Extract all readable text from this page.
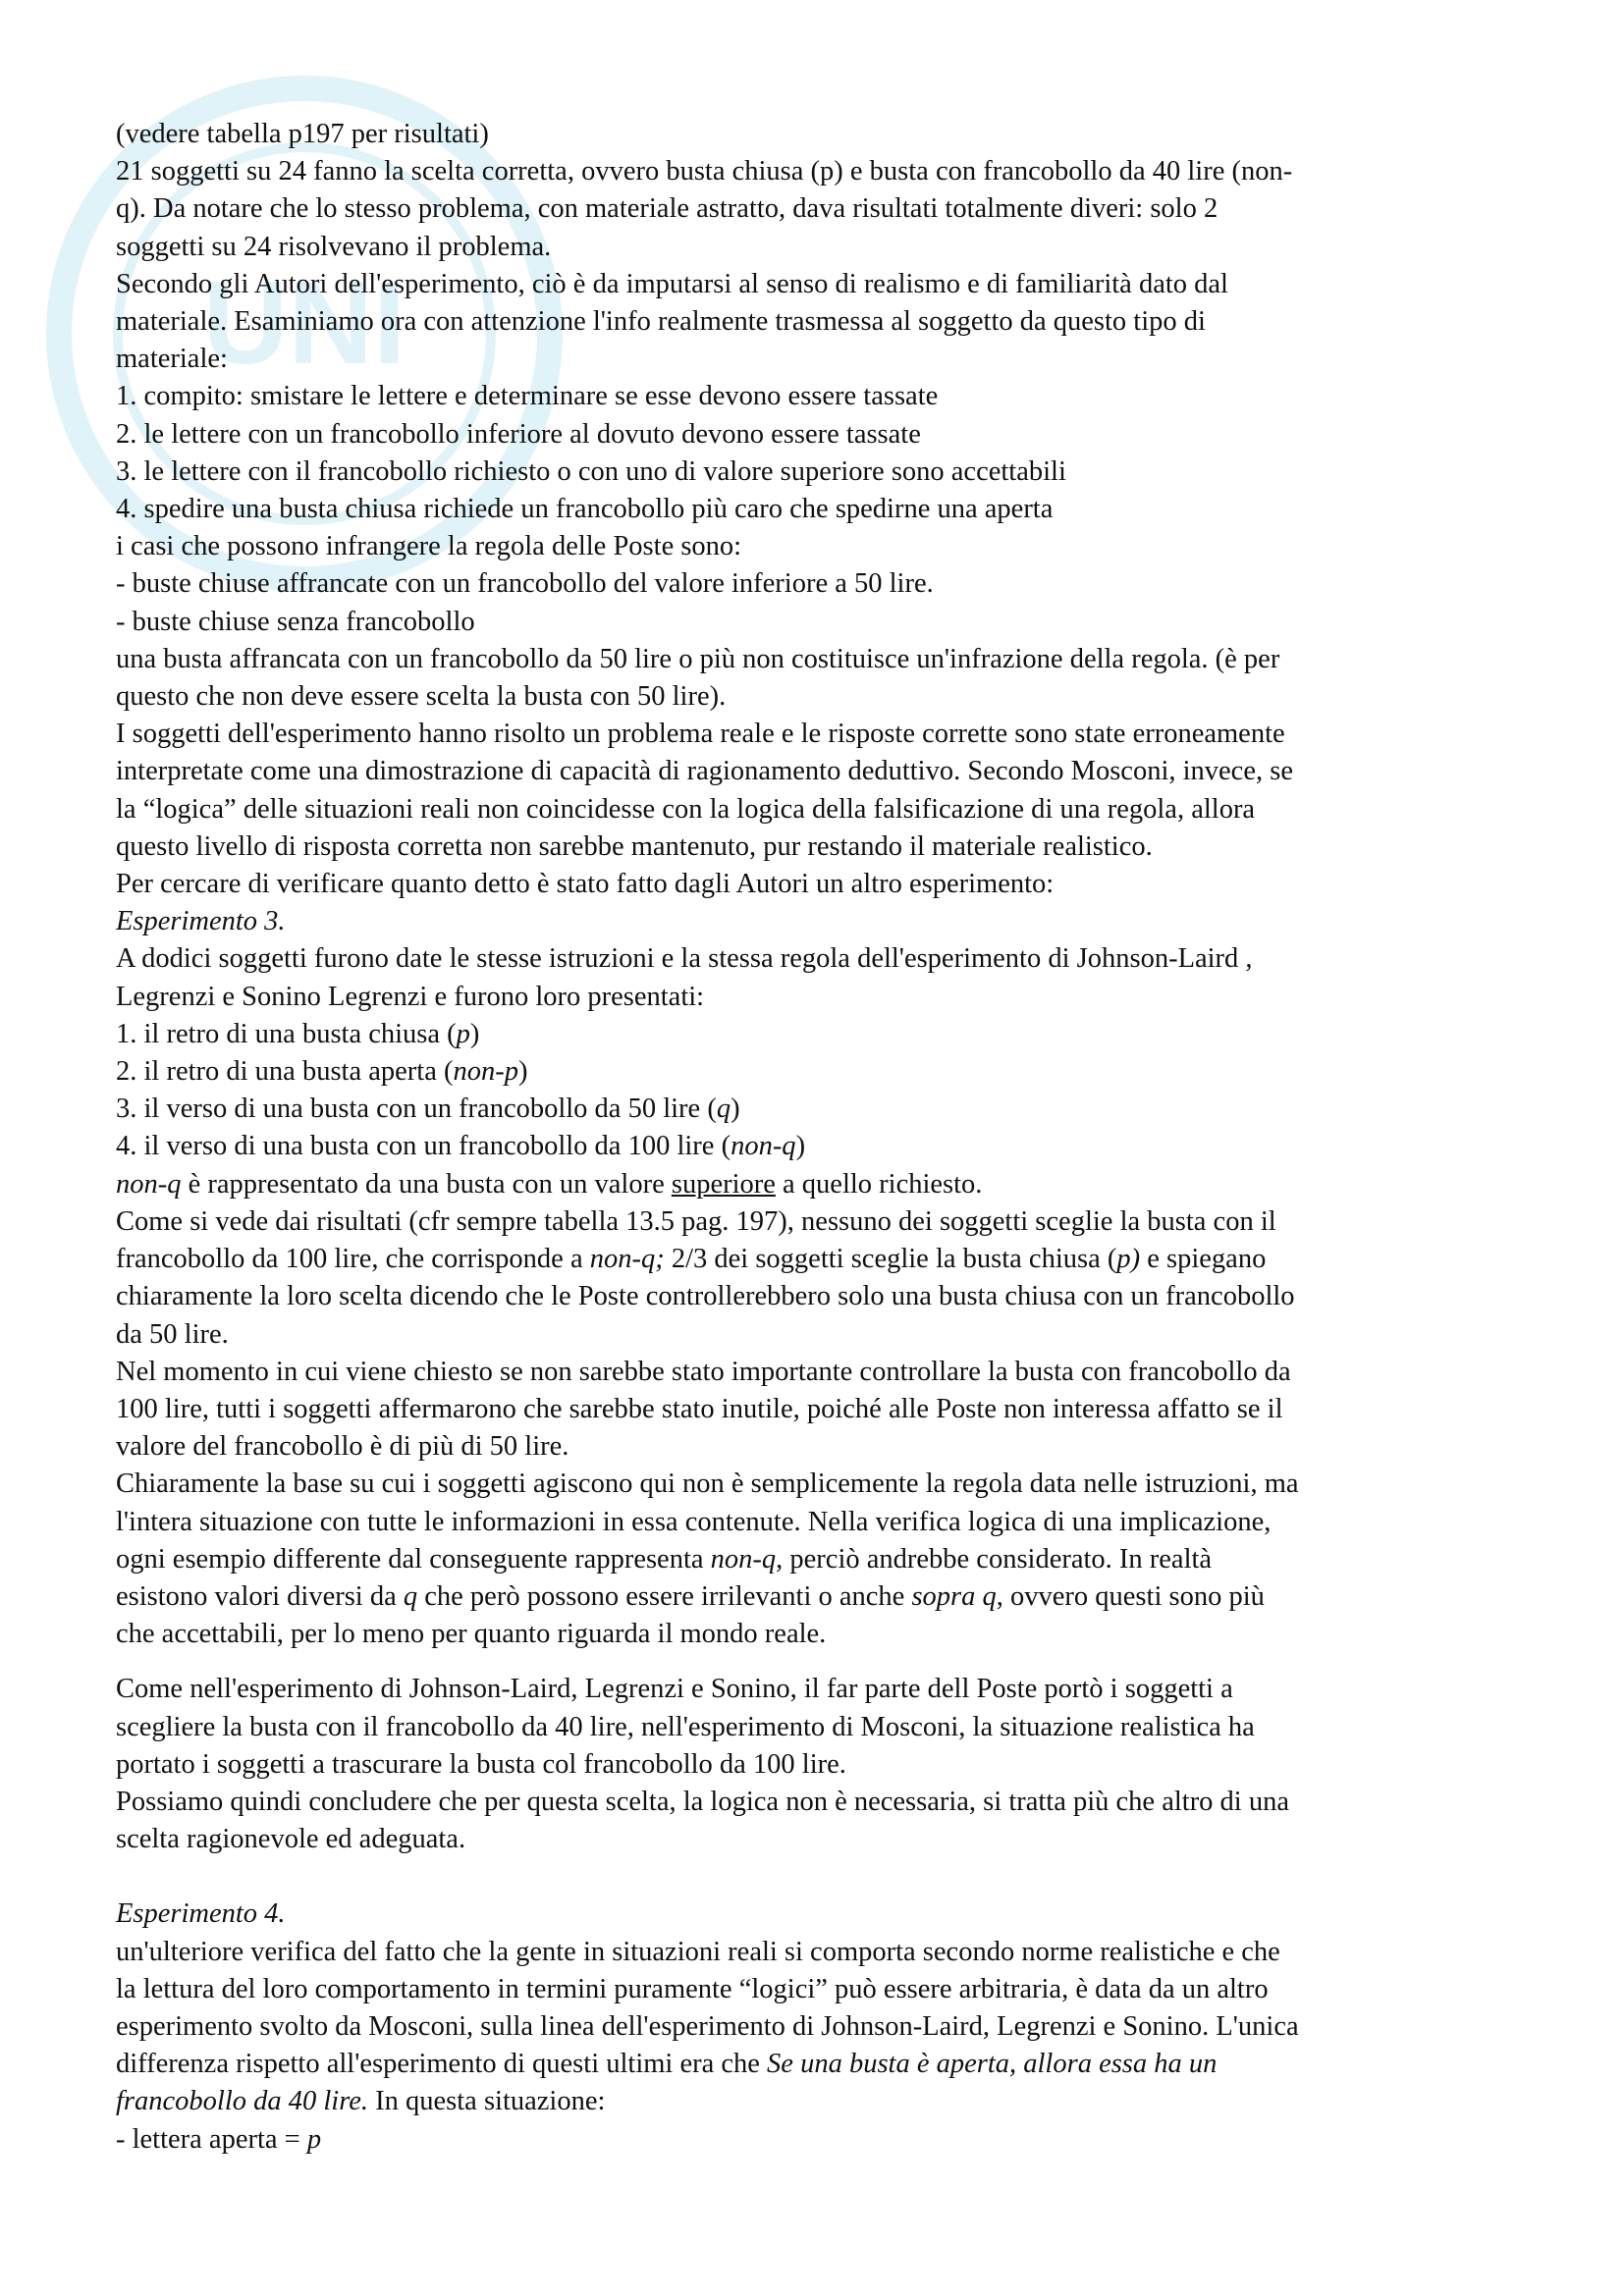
UNI
(vedere tabella p197 per risultati)
21 soggetti su 24 fanno la scelta corretta, ovvero busta chiusa (p) e busta con francobollo da 40 lire (non-
q). Da notare che lo stesso problema, con materiale astratto, dava risultati totalmente diveri: solo 2
soggetti su 24 risolvevano il problema.
Secondo gli Autori dell'esperimento, ciò è da imputarsi al senso di realismo e di familiarità dato dal
materiale. Esaminiamo ora con attenzione l'info realmente trasmessa al soggetto da questo tipo di
materiale:
1. compito: smistare le lettere e determinare se esse devono essere tassate
2. le lettere con un francobollo inferiore al dovuto devono essere tassate
3. le lettere con il francobollo richiesto o con uno di valore superiore sono accettabili
4. spedire una busta chiusa richiede un francobollo più caro che spedirne una aperta
i casi che possono infrangere la regola delle Poste sono:
- buste chiuse affrancate con un francobollo del valore inferiore a 50 lire.
- buste chiuse senza francobollo
una busta affrancata con un francobollo da 50 lire o più non costituisce un'infrazione della regola. (è per
questo che non deve essere scelta la busta con 50 lire).
I soggetti dell'esperimento hanno risolto un problema reale e le risposte corrette sono state erroneamente
interpretate come una dimostrazione di capacità di ragionamento deduttivo. Secondo Mosconi, invece, se
la “logica” delle situazioni reali non coincidesse con la logica della falsificazione di una regola, allora
questo livello di risposta corretta non sarebbe mantenuto, pur restando il materiale realistico.
Per cercare di verificare quanto detto è stato fatto dagli Autori un altro esperimento:
Esperimento 3.
A dodici soggetti furono date le stesse istruzioni e la stessa regola dell'esperimento di Johnson-Laird ,
Legrenzi e Sonino Legrenzi e furono loro presentati:
1. il retro di una busta chiusa (p)
2. il retro di una busta aperta (non-p)
3. il verso di una busta con un francobollo da 50 lire (q)
4. il verso di una busta con un francobollo da 100 lire (non-q)
non-q è rappresentato da una busta con un valore superiore a quello richiesto.
Come si vede dai risultati (cfr sempre tabella 13.5 pag. 197), nessuno dei soggetti sceglie la busta con il
francobollo da 100 lire, che corrisponde a non-q; 2/3 dei soggetti sceglie la busta chiusa (p) e spiegano
chiaramente la loro scelta dicendo che le Poste controllerebbero solo una busta chiusa con un francobollo
da 50 lire.
Nel momento in cui viene chiesto se non sarebbe stato importante controllare la busta con francobollo da
100 lire, tutti i soggetti affermarono che sarebbe stato inutile, poiché alle Poste non interessa affatto se il
valore del francobollo è di più di 50 lire.
Chiaramente la base su cui i soggetti agiscono qui non è semplicemente la regola data nelle istruzioni, ma
l'intera situazione con tutte le informazioni in essa contenute. Nella verifica logica di una implicazione,
ogni esempio differente dal conseguente rappresenta non-q, perciò andrebbe considerato. In realtà
esistono valori diversi da q che però possono essere irrilevanti o anche sopra q, ovvero questi sono più
che accettabili, per lo meno per quanto riguarda il mondo reale.
Come nell'esperimento di Johnson-Laird, Legrenzi e Sonino, il far parte dell Poste portò i soggetti a
scegliere la busta con il francobollo da 40 lire, nell'esperimento di Mosconi, la situazione realistica ha
portato i soggetti a trascurare la busta col francobollo da 100 lire.
Possiamo quindi concludere che per questa scelta, la logica non è necessaria, si tratta più che altro di una
scelta ragionevole ed adeguata.
Esperimento 4.
un'ulteriore verifica del fatto che la gente in situazioni reali si comporta secondo norme realistiche e che
la lettura del loro comportamento in termini puramente “logici” può essere arbitraria, è data da un altro
esperimento svolto da Mosconi, sulla linea dell'esperimento di Johnson-Laird, Legrenzi e Sonino. L'unica
differenza rispetto all'esperimento di questi ultimi era che Se una busta è aperta, allora essa ha un
francobollo da 40 lire. In questa situazione:
- lettera aperta = p
